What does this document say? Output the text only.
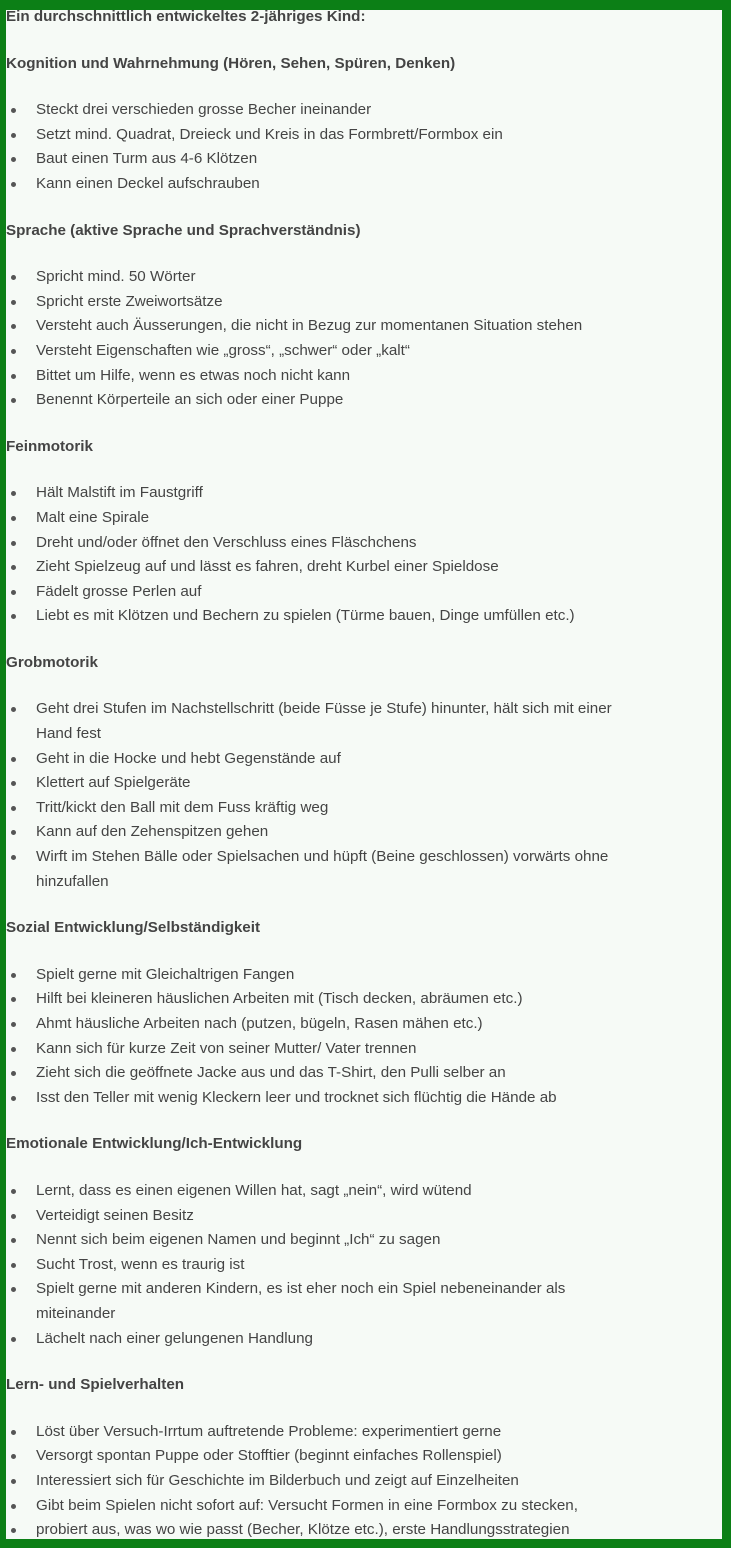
Ein durchschnittlich entwickeltes 2-jähriges Kind:

Kognition und Wahrnehmung (Hören, Sehen, Spüren, Denken)

Steckt drei verschieden grosse Becher ineinander
Setzt mind. Quadrat, Dreieck und Kreis in das Formbrett/Formbox ein
Baut einen Turm aus 4-6 Klötzen
Kann einen Deckel aufschrauben

Sprache (aktive Sprache und Sprachverständnis)

Spricht mind. 50 Wörter
Spricht erste Zweiwortsätze
Versteht auch Äusserungen, die nicht in Bezug zur momentanen Situation stehen
Versteht Eigenschaften wie „gross“, „schwer“ oder „kalt“
Bittet um Hilfe, wenn es etwas noch nicht kann
Benennt Körperteile an sich oder einer Puppe

Feinmotorik

Hält Malstift im Faustgriff
Malt eine Spirale
Dreht und/oder öffnet den Verschluss eines Fläschchens
Zieht Spielzeug auf und lässt es fahren, dreht Kurbel einer Spieldose
Fädelt grosse Perlen auf
Liebt es mit Klötzen und Bechern zu spielen (Türme bauen, Dinge umfüllen etc.)

Grobmotorik

Geht drei Stufen im Nachstellschritt (beide Füsse je Stufe) hinunter, hält sich mit einer Hand fest
Geht in die Hocke und hebt Gegenstände auf
Klettert auf Spielgeräte
Tritt/kickt den Ball mit dem Fuss kräftig weg
Kann auf den Zehenspitzen gehen
Wirft im Stehen Bälle oder Spielsachen und hüpft (Beine geschlossen) vorwärts ohne hinzufallen

Sozial Entwicklung/Selbständigkeit

Spielt gerne mit Gleichaltrigen Fangen
Hilft bei kleineren häuslichen Arbeiten mit (Tisch decken, abräumen etc.)
Ahmt häusliche Arbeiten nach (putzen, bügeln, Rasen mähen etc.)
Kann sich für kurze Zeit von seiner Mutter/ Vater trennen
Zieht sich die geöffnete Jacke aus und das T-Shirt, den Pulli selber an
Isst den Teller mit wenig Kleckern leer und trocknet sich flüchtig die Hände ab

Emotionale Entwicklung/Ich-Entwicklung

Lernt, dass es einen eigenen Willen hat, sagt „nein“, wird wütend
Verteidigt seinen Besitz
Nennt sich beim eigenen Namen und beginnt „Ich“ zu sagen
Sucht Trost, wenn es traurig ist
Spielt gerne mit anderen Kindern, es ist eher noch ein Spiel nebeneinander als miteinander
Lächelt nach einer gelungenen Handlung

Lern- und Spielverhalten

Löst über Versuch-Irrtum auftretende Probleme: experimentiert gerne
Versorgt spontan Puppe oder Stofftier (beginnt einfaches Rollenspiel)
Interessiert sich für Geschichte im Bilderbuch und zeigt auf Einzelheiten
Gibt beim Spielen nicht sofort auf: Versucht Formen in eine Formbox zu stecken,
probiert aus, was wo wie passt (Becher, Klötze etc.), erste Handlungsstrategien
